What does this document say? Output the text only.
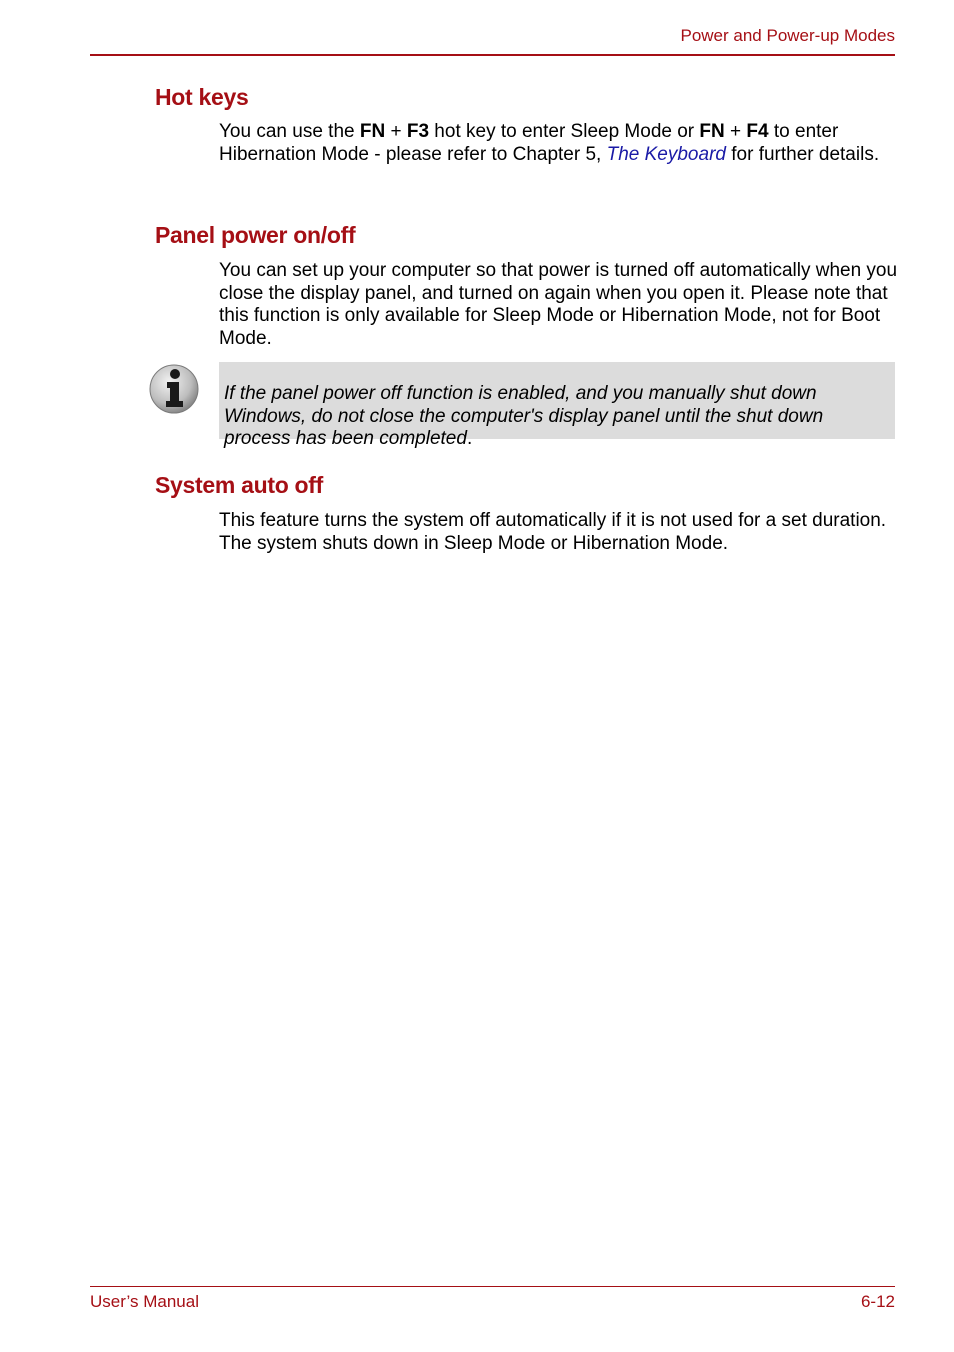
Power and Power-up Modes
Hot keys

You can use the FN + F3 hot key to enter Sleep Mode or FN + F4 to enter Hibernation Mode - please refer to Chapter 5, The Keyboard for further details.

Panel power on/off

You can set up your computer so that power is turned off automatically when you close the display panel, and turned on again when you open it. Please note that this function is only available for Sleep Mode or Hibernation Mode, not for Boot Mode.

If the panel power off function is enabled, and you manually shut down Windows, do not close the computer's display panel until the shut down process has been completed.

System auto off

This feature turns the system off automatically if it is not used for a set duration. The system shuts down in Sleep Mode or Hibernation Mode.

User’s Manual	6-12
